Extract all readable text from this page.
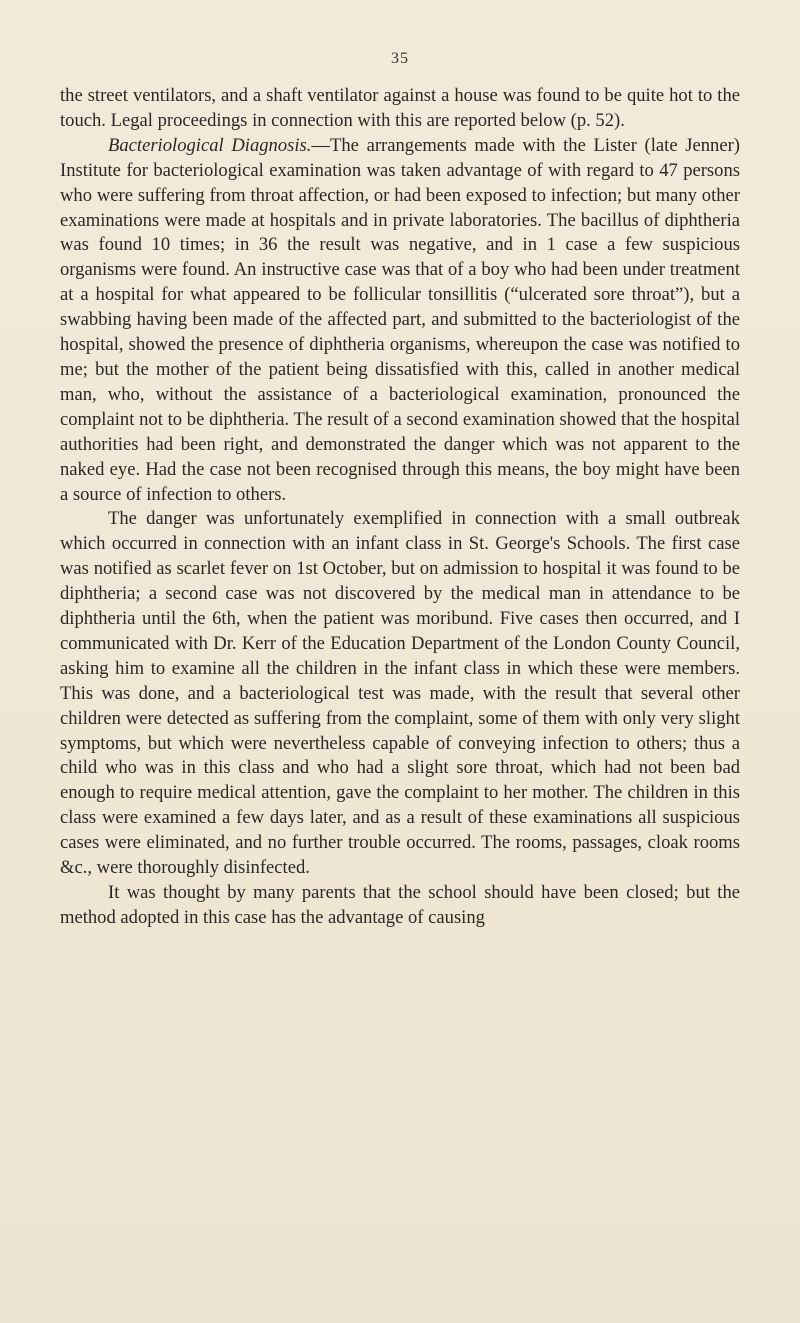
35

the street ventilators, and a shaft ventilator against a house was found to be quite hot to the touch. Legal proceedings in connection with this are reported below (p. 52).

Bacteriological Diagnosis.—The arrangements made with the Lister (late Jenner) Institute for bacteriological examination was taken advantage of with regard to 47 persons who were suffering from throat affection, or had been exposed to infection; but many other examinations were made at hospitals and in private laboratories. The bacillus of diphtheria was found 10 times; in 36 the result was negative, and in 1 case a few suspicious organisms were found. An instructive case was that of a boy who had been under treatment at a hospital for what appeared to be follicular tonsillitis (“ulcerated sore throat”), but a swabbing having been made of the affected part, and submitted to the bacteriologist of the hospital, showed the presence of diphtheria organisms, whereupon the case was notified to me; but the mother of the patient being dissatisfied with this, called in another medical man, who, without the assistance of a bacteriological examination, pronounced the complaint not to be diphtheria. The result of a second examination showed that the hospital authorities had been right, and demonstrated the danger which was not apparent to the naked eye. Had the case not been recognised through this means, the boy might have been a source of infection to others.

The danger was unfortunately exemplified in connection with a small outbreak which occurred in connection with an infant class in St. George's Schools. The first case was notified as scarlet fever on 1st October, but on admission to hospital it was found to be diphtheria; a second case was not discovered by the medical man in attendance to be diphtheria until the 6th, when the patient was moribund. Five cases then occurred, and I communicated with Dr. Kerr of the Education Department of the London County Council, asking him to examine all the children in the infant class in which these were members. This was done, and a bacteriological test was made, with the result that several other children were detected as suffering from the complaint, some of them with only very slight symptoms, but which were nevertheless capable of conveying infection to others; thus a child who was in this class and who had a slight sore throat, which had not been bad enough to require medical attention, gave the complaint to her mother. The children in this class were examined a few days later, and as a result of these examinations all suspicious cases were eliminated, and no further trouble occurred. The rooms, passages, cloak rooms &c., were thoroughly disinfected.

It was thought by many parents that the school should have been closed; but the method adopted in this case has the advantage of causing
